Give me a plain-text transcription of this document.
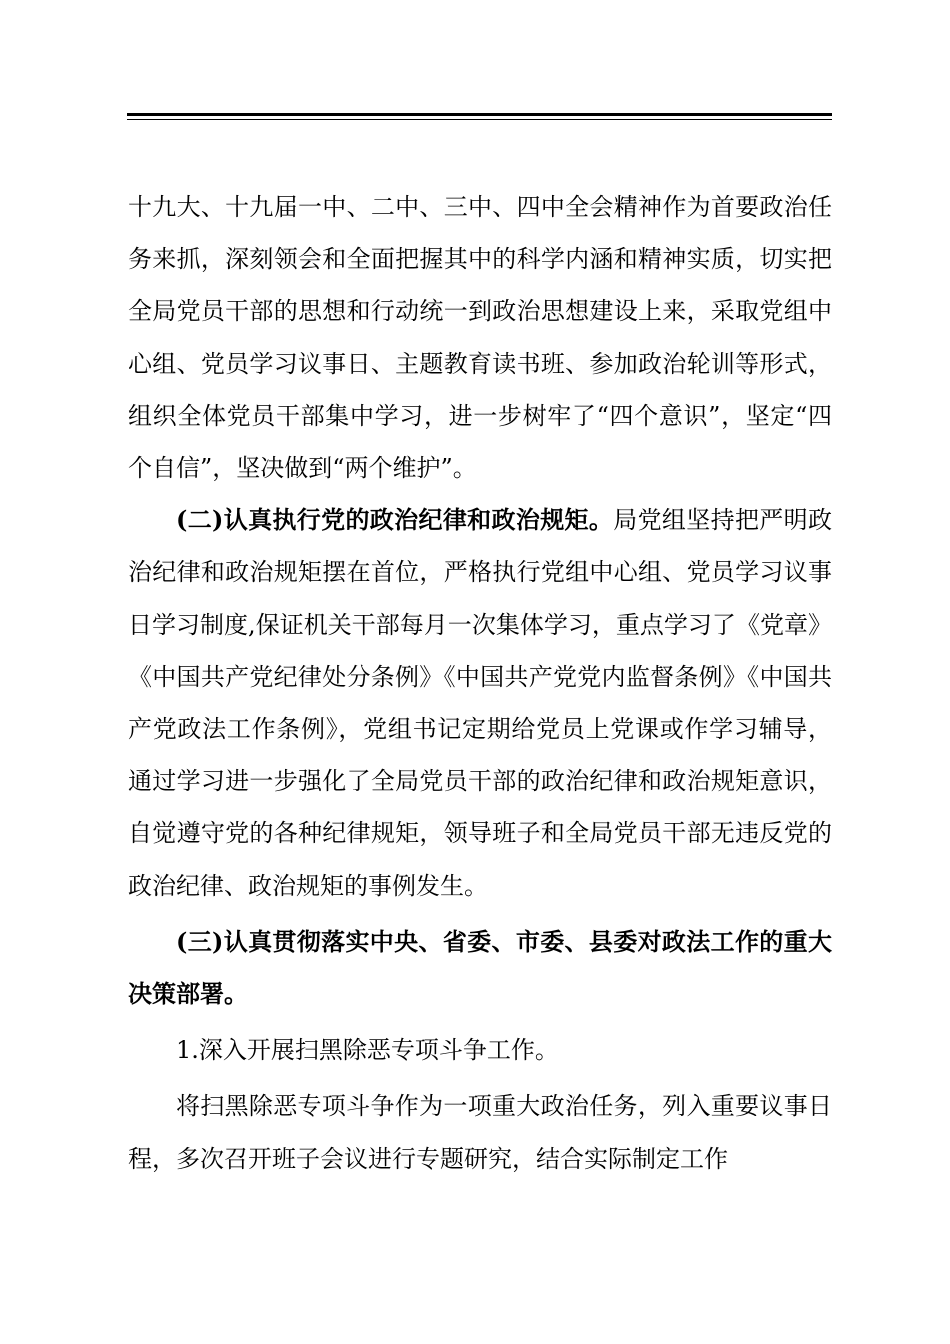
十九大、十九届一中、二中、三中、四中全会精神作为首要政治任务来抓，深刻领会和全面把握其中的科学内涵和精神实质，切实把全局党员干部的思想和行动统一到政治思想建设上来，采取党组中心组、党员学习议事日、主题教育读书班、参加政治轮训等形式，组织全体党员干部集中学习，进一步树牢了“四个意识”，坚定“四个自信”，坚决做到“两个维护”。

(二)认真执行党的政治纪律和政治规矩。局党组坚持把严明政治纪律和政治规矩摆在首位，严格执行党组中心组、党员学习议事日学习制度,保证机关干部每月一次集体学习，重点学习了《党章》《中国共产党纪律处分条例》《中国共产党党内监督条例》《中国共产党政法工作条例》，党组书记定期给党员上党课或作学习辅导，通过学习进一步强化了全局党员干部的政治纪律和政治规矩意识，自觉遵守党的各种纪律规矩，领导班子和全局党员干部无违反党的政治纪律、政治规矩的事例发生。

(三)认真贯彻落实中央、省委、市委、县委对政法工作的重大决策部署。

1.深入开展扫黑除恶专项斗争工作。

将扫黑除恶专项斗争作为一项重大政治任务，列入重要议事日程，多次召开班子会议进行专题研究，结合实际制定工作
